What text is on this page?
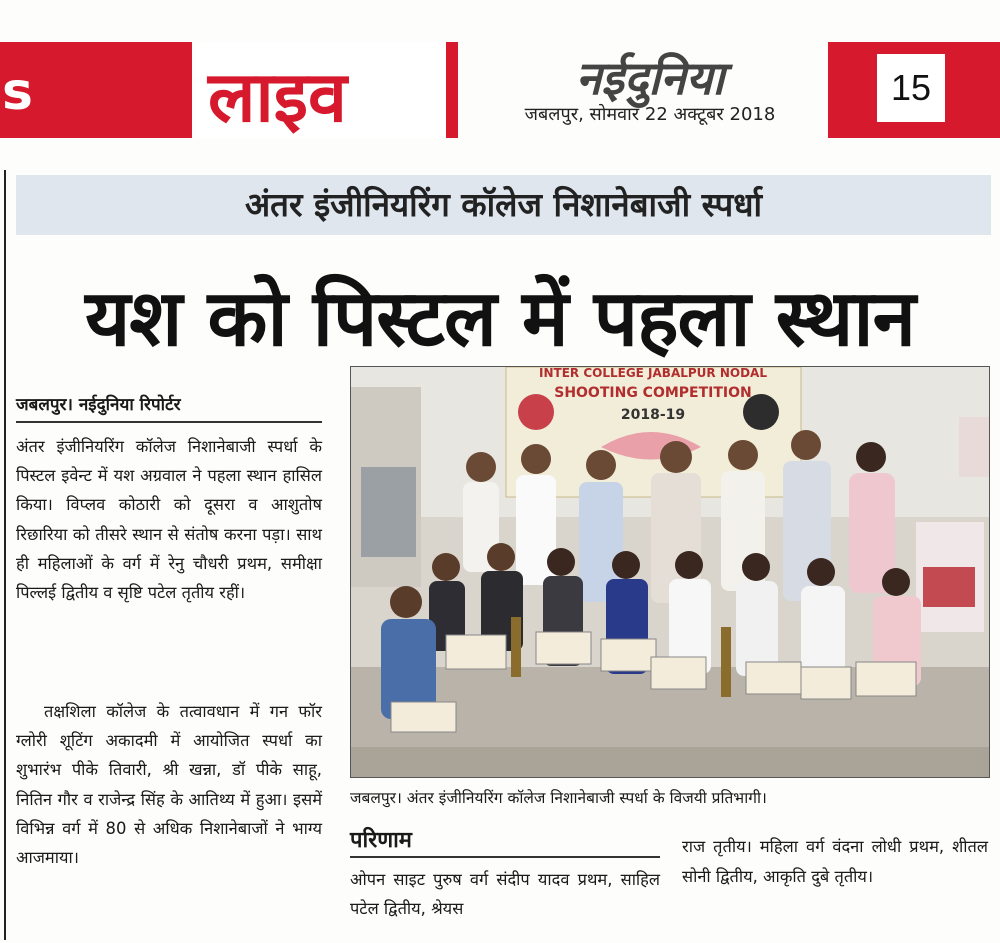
s	लाइव	नईदुनिया
जबलपुर, सोमवार 22 अक्टूबर 2018
15
अंतर इंजीनियरिंग कॉलेज निशानेबाजी स्पर्धा
यश को पिस्टल में पहला स्थान
जबलपुर। नईदुनिया रिपोर्टर
अंतर इंजीनियरिंग कॉलेज निशानेबाजी स्पर्धा के पिस्टल इवेन्ट में यश अग्रवाल ने पहला स्थान हासिल किया। विप्लव कोठारी को दूसरा व आशुतोष रिछारिया को तीसरे स्थान से संतोष करना पड़ा। साथ ही महिलाओं के वर्ग में रेनु चौधरी प्रथम, समीक्षा पिल्लई द्वितीय व सृष्टि पटेल तृतीय रहीं।
तक्षशिला कॉलेज के तत्वावधान में गन फॉर ग्लोरी शूटिंग अकादमी में आयोजित स्पर्धा का शुभारंभ पीके तिवारी, श्री खन्ना, डॉ पीके साहू, नितिन गौर व राजेन्द्र सिंह के आतिथ्य में हुआ। इसमें विभिन्न वर्ग में 80 से अधिक निशानेबाजों ने भाग्य आजमाया।
INTER COLLEGE JABALPUR NODAL
SHOOTING COMPETITION
2018-19
जबलपुर। अंतर इंजीनियरिंग कॉलेज निशानेबाजी स्पर्धा के विजयी प्रतिभागी।
परिणाम
ओपन साइट पुरुष वर्ग संदीप यादव प्रथम, साहिल पटेल द्वितीय, श्रेयस
राज तृतीय। महिला वर्ग वंदना लोधी प्रथम, शीतल सोनी द्वितीय, आकृति दुबे तृतीय।
